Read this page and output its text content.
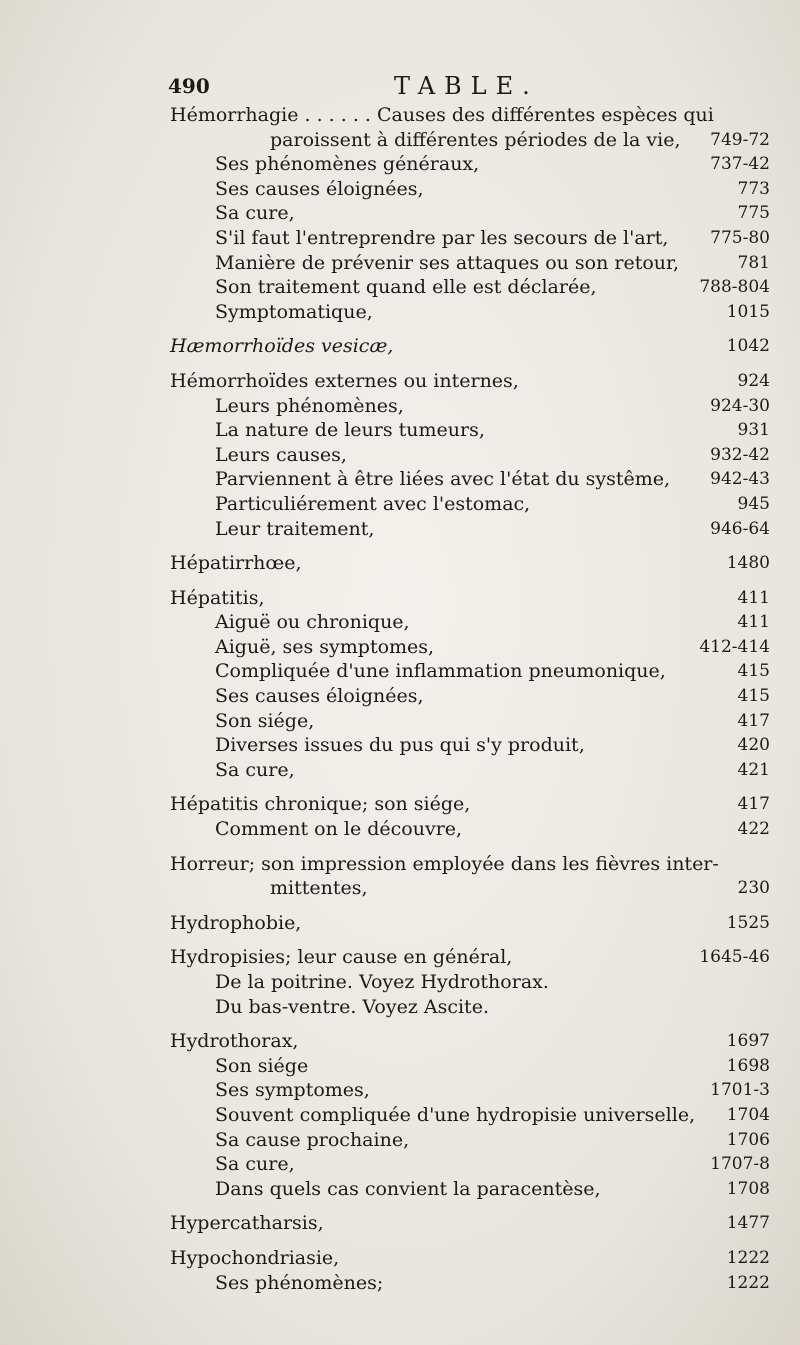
490	TABLE.
Hémorrhagie . . . . . . Causes des différentes espèces qui
paroissent à différentes périodes de la vie, 749-72
Ses phénomènes généraux,	737-42
Ses causes éloignées,	773
Sa cure,	775
S'il faut l'entreprendre par les secours de l'art, 775-80
Manière de prévenir ses attaques ou son retour,	781
Son traitement quand elle est déclarée,	788-804
Symptomatique,	1015
Hæmorrhoïdes vesicæ,	1042
Hémorrhoïdes externes ou internes,	924
Leurs phénomènes,	924-30
La nature de leurs tumeurs,	931
Leurs causes,	932-42
Parviennent à être liées avec l'état du systême, 942-43
Particuliérement avec l'estomac,	945
Leur traitement,	946-64
Hépatirrhœe,	1480
Hépatitis,	411
Aiguë ou chronique,	411
Aiguë, ses symptomes,	412-414
Compliquée d'une inflammation pneumonique,	415
Ses causes éloignées,	415
Son siége,	417
Diverses issues du pus qui s'y produit,	420
Sa cure,	421
Hépatitis chronique; son siége,	417
Comment on le découvre,	422
Horreur; son impression employée dans les fièvres inter-
mittentes,	230
Hydrophobie,	1525
Hydropisies; leur cause en général,	1645-46
De la poitrine. Voyez Hydrothorax.
Du bas-ventre. Voyez Ascite.
Hydrothorax,	1697
Son siége	1698
Ses symptomes,	1701-3
Souvent compliquée d'une hydropisie universelle, 1704
Sa cause prochaine,	1706
Sa cure,	1707-8
Dans quels cas convient la paracentèse,	1708
Hypercatharsis,	1477
Hypochondriasie,	1222
Ses phénomènes;	1222
